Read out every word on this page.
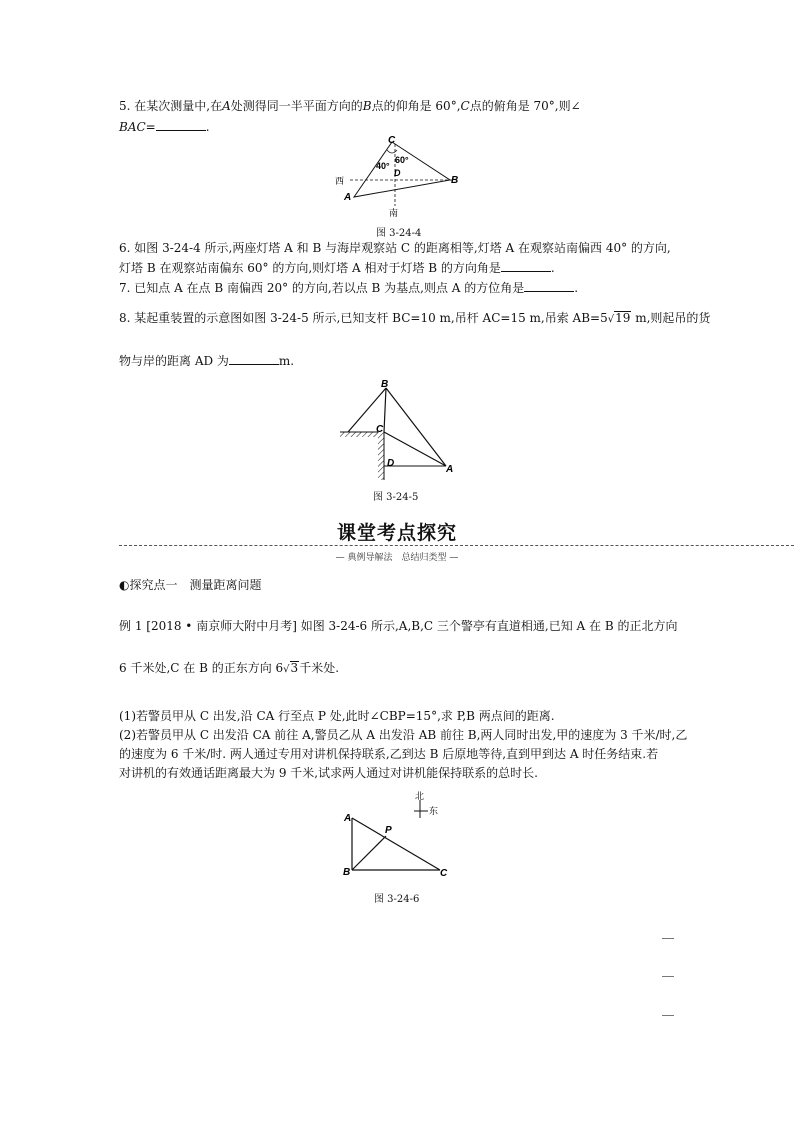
5. 在某次测量中,在A处测得同一半平面方向的B点的仰角是 60°,C点的俯角是 70°,则∠
BAC=	.
C
A
B
D
西
南
40°
60°
图 3-24-4
6. 如图 3-24-4 所示,两座灯塔 A 和 B 与海岸观察站 C 的距离相等,灯塔 A 在观察站南偏西 40° 的方向,
灯塔 B 在观察站南偏东 60° 的方向,则灯塔 A 相对于灯塔 B 的方向角是	.
7. 已知点 A 在点 B 南偏西 20° 的方向,若以点 B 为基点,则点 A 的方位角是	.
8. 某起重装置的示意图如图 3-24-5 所示,已知支杆 BC=10 m,吊杆 AC=15 m,吊索 AB=5√19 m,则起吊的货
物与岸的距离 AD 为	m.
B
C
D
A
图 3-24-5
课堂考点探究
— 典例导解法　总结归类型 —
◐探究点一　测量距离问题
例 1 [2018 • 南京师大附中月考] 如图 3-24-6 所示,A,B,C 三个警亭有直道相通,已知 A 在 B 的正北方向
6 千米处,C 在 B 的正东方向 6√3千米处.
(1)若警员甲从 C 出发,沿 CA 行至点 P 处,此时∠CBP=15°,求 P,B 两点间的距离.
(2)若警员甲从 C 出发沿 CA 前往 A,警员乙从 A 出发沿 AB 前往 B,两人同时出发,甲的速度为 3 千米/时,乙
的速度为 6 千米/时. 两人通过专用对讲机保持联系,乙到达 B 后原地等待,直到甲到达 A 时任务结束.若
对讲机的有效通话距离最大为 9 千米,试求两人通过对讲机能保持联系的总时长.
北
东
A
B	C
P
图 3-24-6
